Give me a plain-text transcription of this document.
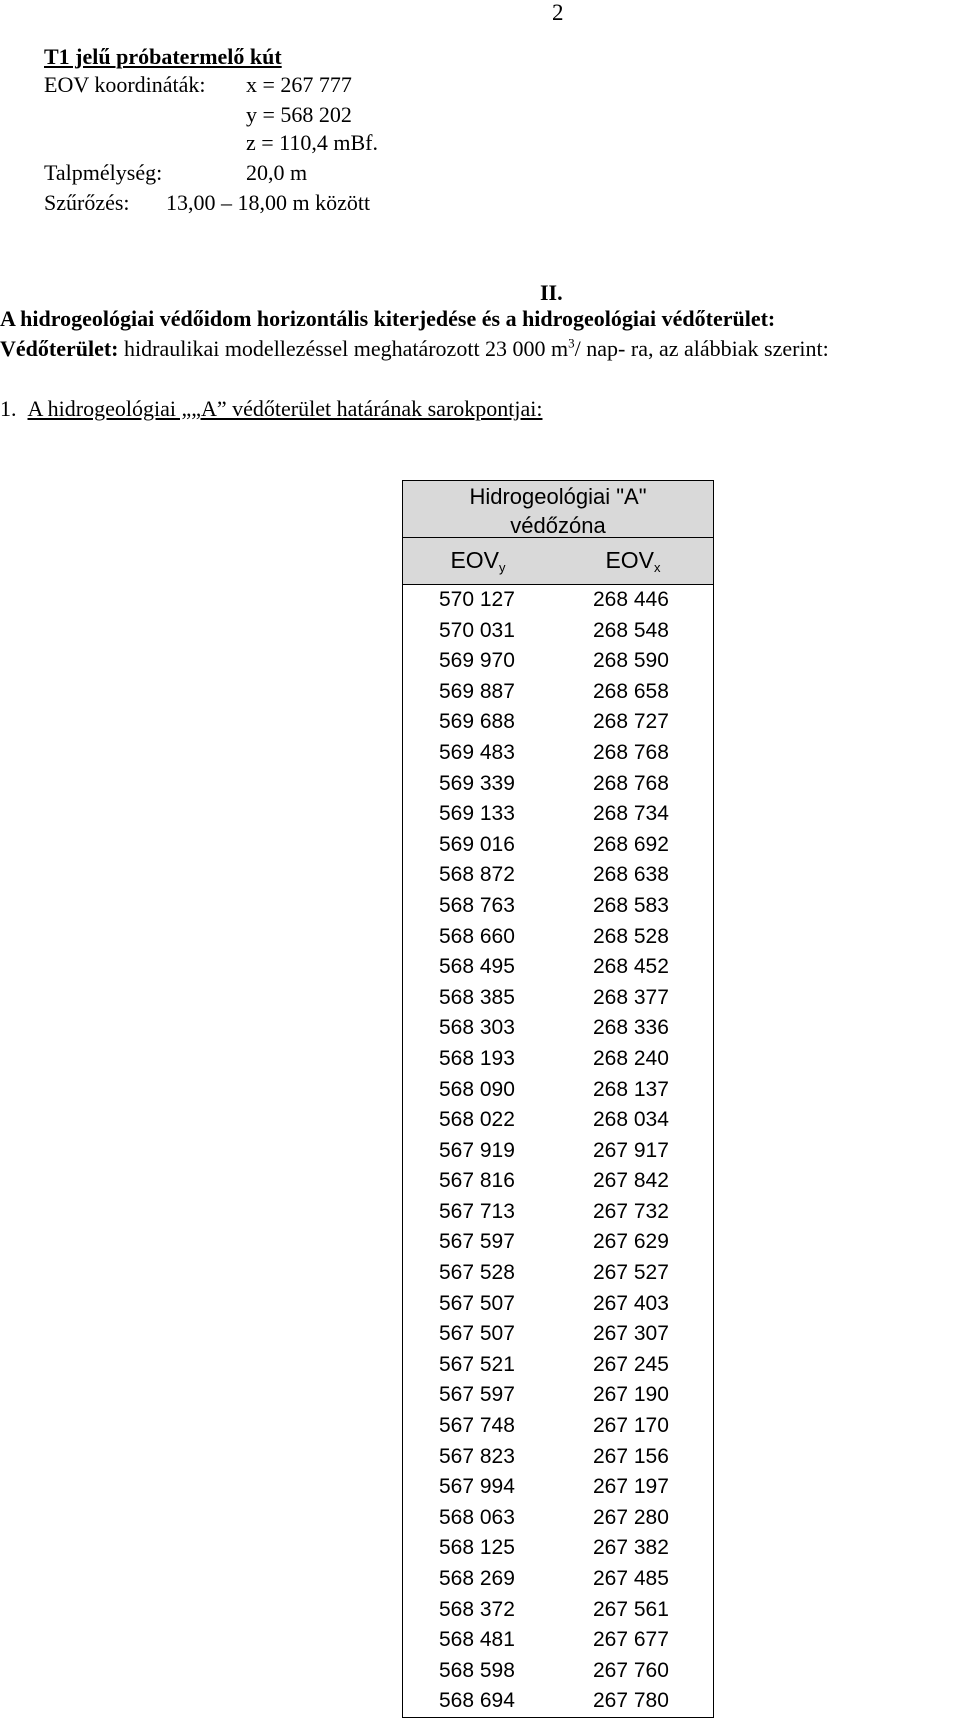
2
T1 jelű próbatermelő kút
EOV koordináták: x = 267 777
y = 568 202
z = 110,4 mBf.
Talpmélység:	20,0 m
Szűrőzés: 13,00 – 18,00 m között
II.
A hidrogeológiai védőidom horizontális kiterjedése és a hidrogeológiai védőterület:
Védőterület: hidraulikai modellezéssel meghatározott 23 000 $m^3/$ nap- ra, az alábbiak szerint:
1. A hidrogeológiai „„A” védőterület határának sarokpontjai:
Hidrogeológiai "A"
védőzóna
$EOV_y$	$EOV_x$
570 127	268 446
570 031	268 548
569 970	268 590
569 887	268 658
569 688	268 727
569 483	268 768
569 339	268 768
569 133	268 734
569 016	268 692
568 872	268 638
568 763	268 583
568 660	268 528
568 495	268 452
568 385	268 377
568 303	268 336
568 193	268 240
568 090	268 137
568 022	268 034
567 919	267 917
567 816	267 842
567 713	267 732
567 597	267 629
567 528	267 527
567 507	267 403
567 507	267 307
567 521	267 245
567 597	267 190
567 748	267 170
567 823	267 156
567 994	267 197
568 063	267 280
568 125	267 382
568 269	267 485
568 372	267 561
568 481	267 677
568 598	267 760
568 694	267 780
